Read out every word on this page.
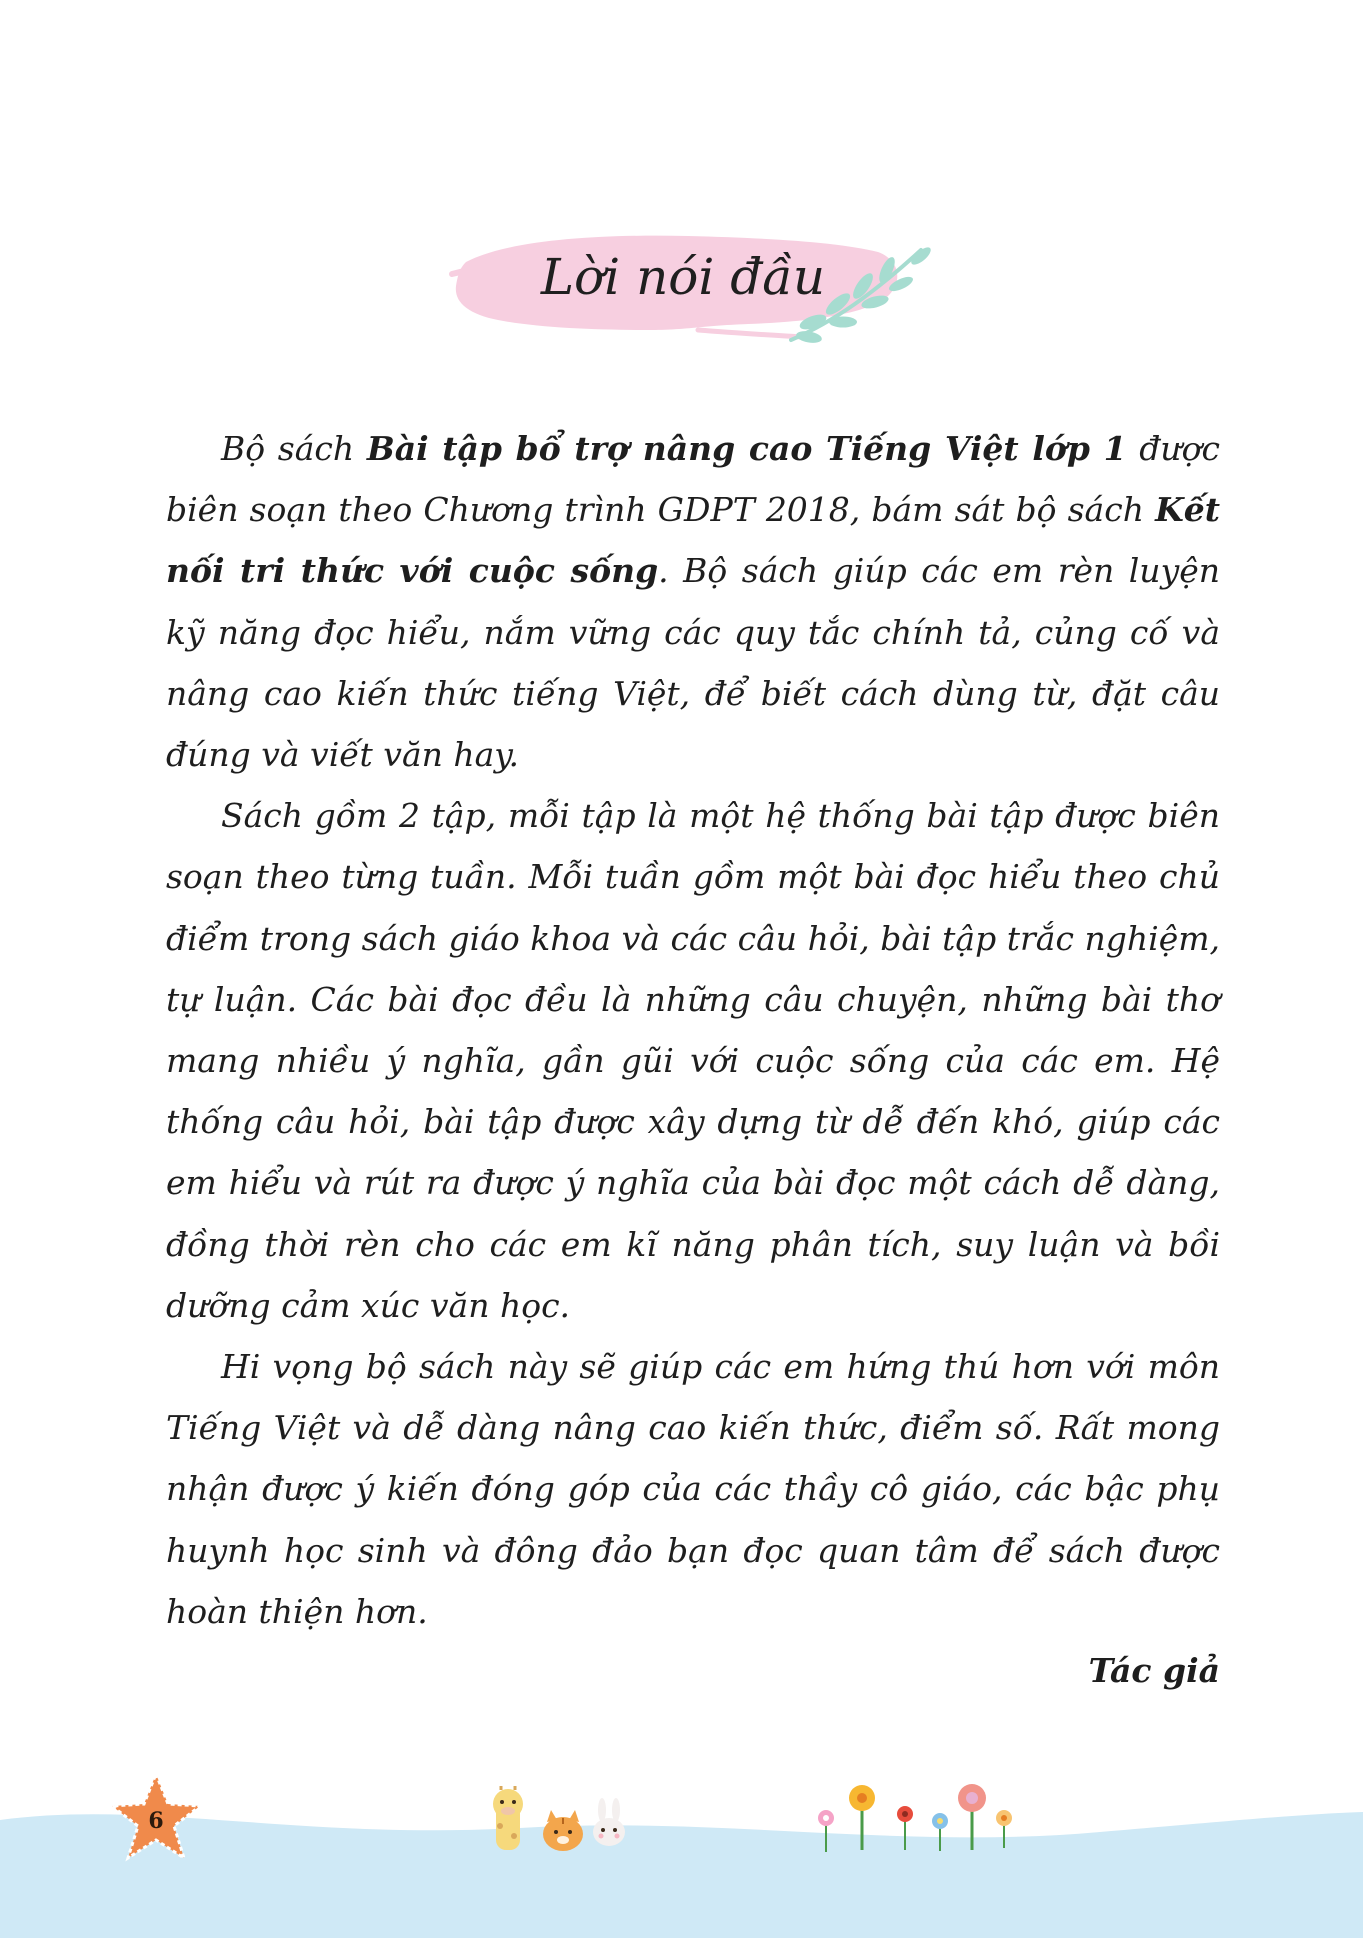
Lời nói đầu

Bộ sách Bài tập bổ trợ nâng cao Tiếng Việt lớp 1 được biên soạn theo Chương trình GDPT 2018, bám sát bộ sách Kết nối tri thức với cuộc sống. Bộ sách giúp các em rèn luyện kỹ năng đọc hiểu, nắm vững các quy tắc chính tả, củng cố và nâng cao kiến thức tiếng Việt, để biết cách dùng từ, đặt câu đúng và viết văn hay.

Sách gồm 2 tập, mỗi tập là một hệ thống bài tập được biên soạn theo từng tuần. Mỗi tuần gồm một bài đọc hiểu theo chủ điểm trong sách giáo khoa và các câu hỏi, bài tập trắc nghiệm, tự luận. Các bài đọc đều là những câu chuyện, những bài thơ mang nhiều ý nghĩa, gần gũi với cuộc sống của các em. Hệ thống câu hỏi, bài tập được xây dựng từ dễ đến khó, giúp các em hiểu và rút ra được ý nghĩa của bài đọc một cách dễ dàng, đồng thời rèn cho các em kĩ năng phân tích, suy luận và bồi dưỡng cảm xúc văn học.

Hi vọng bộ sách này sẽ giúp các em hứng thú hơn với môn Tiếng Việt và dễ dàng nâng cao kiến thức, điểm số. Rất mong nhận được ý kiến đóng góp của các thầy cô giáo, các bậc phụ huynh học sinh và đông đảo bạn đọc quan tâm để sách được hoàn thiện hơn.

Tác giả

6
